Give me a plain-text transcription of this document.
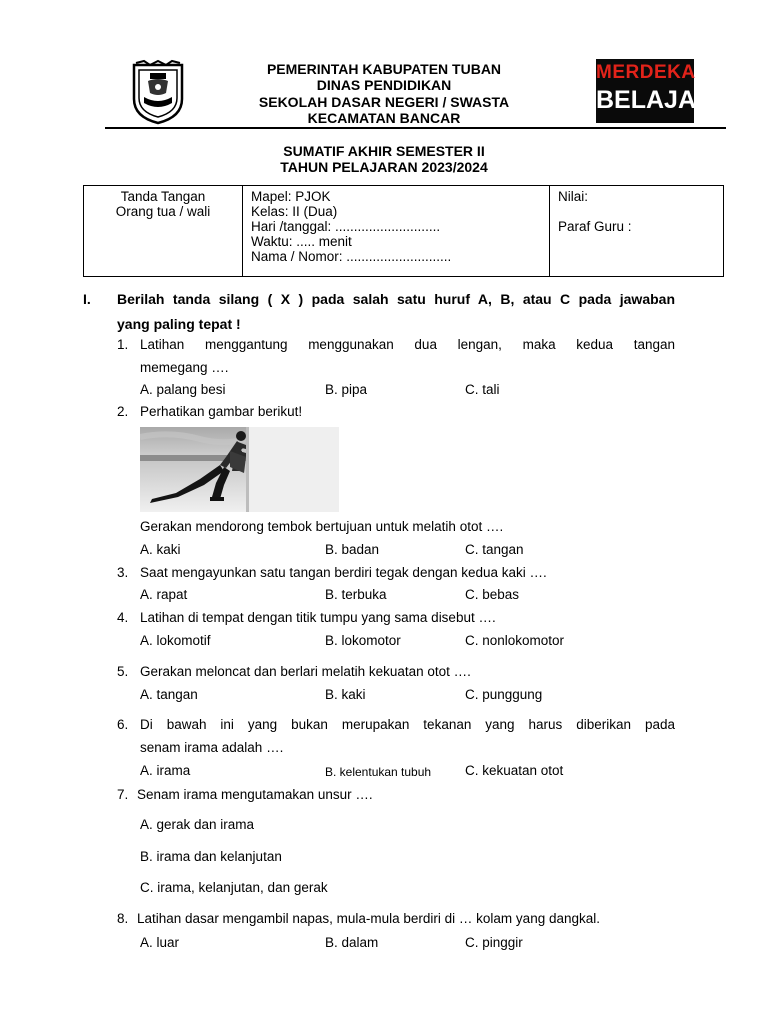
PEMERINTAH KABUPATEN TUBAN
DINAS PENDIDIKAN
SEKOLAH DASAR NEGERI / SWASTA
KECAMATAN BANCAR
MERDEKA
BELAJAR
SUMATIF AKHIR SEMESTER II
TAHUN PELAJARAN 2023/2024
Tanda Tangan
Orang tua / wali

Mapel: PJOK
Kelas: II (Dua)
Hari /tanggal: ............................
Waktu: ..... menit
Nama / Nomor: ............................

Nilai:
Paraf Guru :
I. Berilah tanda silang ( X ) pada salah satu huruf A, B, atau C pada jawaban
yang paling tepat !
1. Latihan menggantung menggunakan dua lengan, maka kedua tangan
memegang ….
A. palang besi	B. pipa	C. tali
2. Perhatikan gambar berikut!
Gerakan mendorong tembok bertujuan untuk melatih otot ….
A. kaki	B. badan	C. tangan
3. Saat mengayunkan satu tangan berdiri tegak dengan kedua kaki ….
A. rapat	B. terbuka	C. bebas
4. Latihan di tempat dengan titik tumpu yang sama disebut ….
A. lokomotif	B. lokomotor	C. nonlokomotor
5. Gerakan meloncat dan berlari melatih kekuatan otot ….
A. tangan	B. kaki	C. punggung
6. Di bawah ini yang bukan merupakan tekanan yang harus diberikan pada
senam irama adalah ….
A. irama	B. kelentukan tubuh	C. kekuatan otot
7. Senam irama mengutamakan unsur ….
A. gerak dan irama
B. irama dan kelanjutan
C. irama, kelanjutan, dan gerak
8. Latihan dasar mengambil napas, mula-mula berdiri di … kolam yang dangkal.
A. luar	B. dalam	C. pinggir
